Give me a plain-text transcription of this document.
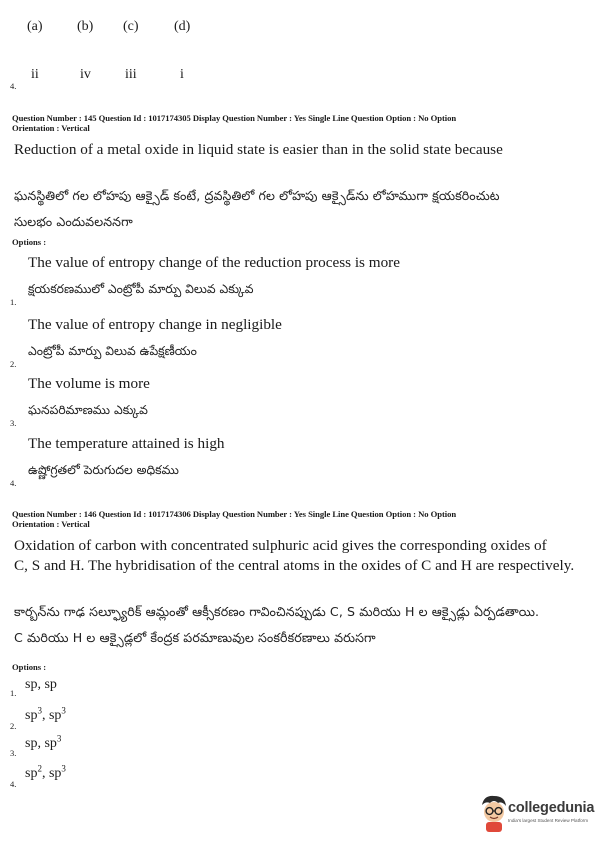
(a) (b) (c)	(d)
4.
ii	iv iii	i
Question Number : 145 Question Id : 1017174305 Display Question Number : Yes Single Line Question Option : No Option
Orientation : Vertical
Reduction of a metal oxide in liquid state is easier than in the solid state because
ఘనస్థితిలో గల లోహపు ఆక్సైడ్ కంటే, ద్రవస్థితిలో గల లోహపు ఆక్సైడ్‌ను లోహముగా క్షయకరించుట
సులభం ఎందువలననగా
Options :
The value of entropy change of the reduction process is more
క్షయకరణములో ఎంట్రోపీ మార్పు విలువ ఎక్కువ
1.
The value of entropy change in negligible
ఎంట్రోపీ మార్పు విలువ ఉపేక్షణీయం
2.
The volume is more
ఘనపరిమాణము ఎక్కువ
3.
The temperature attained is high
ఉష్ణోగ్రతలో పెరుగుదల అధికము
4.
Question Number : 146 Question Id : 1017174306 Display Question Number : Yes Single Line Question Option : No Option
Orientation : Vertical
Oxidation of carbon with concentrated sulphuric acid gives the corresponding oxides of
C, S and H. The hybridisation of the central atoms in the oxides of C and H are respectively.
కార్బన్‌ను గాఢ సల్ఫ్యూరిక్ ఆమ్లంతో ఆక్సీకరణం గావించినప్పుడు C, S మరియు H ల ఆక్సైడ్లు ఏర్పడతాయి.
C మరియు H ల ఆక్సైడ్లలో కేంద్రక పరమాణువుల సంకరీకరణాలు వరుసగా
Options :
1.
sp, sp
2.
$sp^3$, $sp^3$
3.
sp, $sp^3$
4.
$sp^2$, $sp^3$
collegedunia
India's largest Student Review Platform
